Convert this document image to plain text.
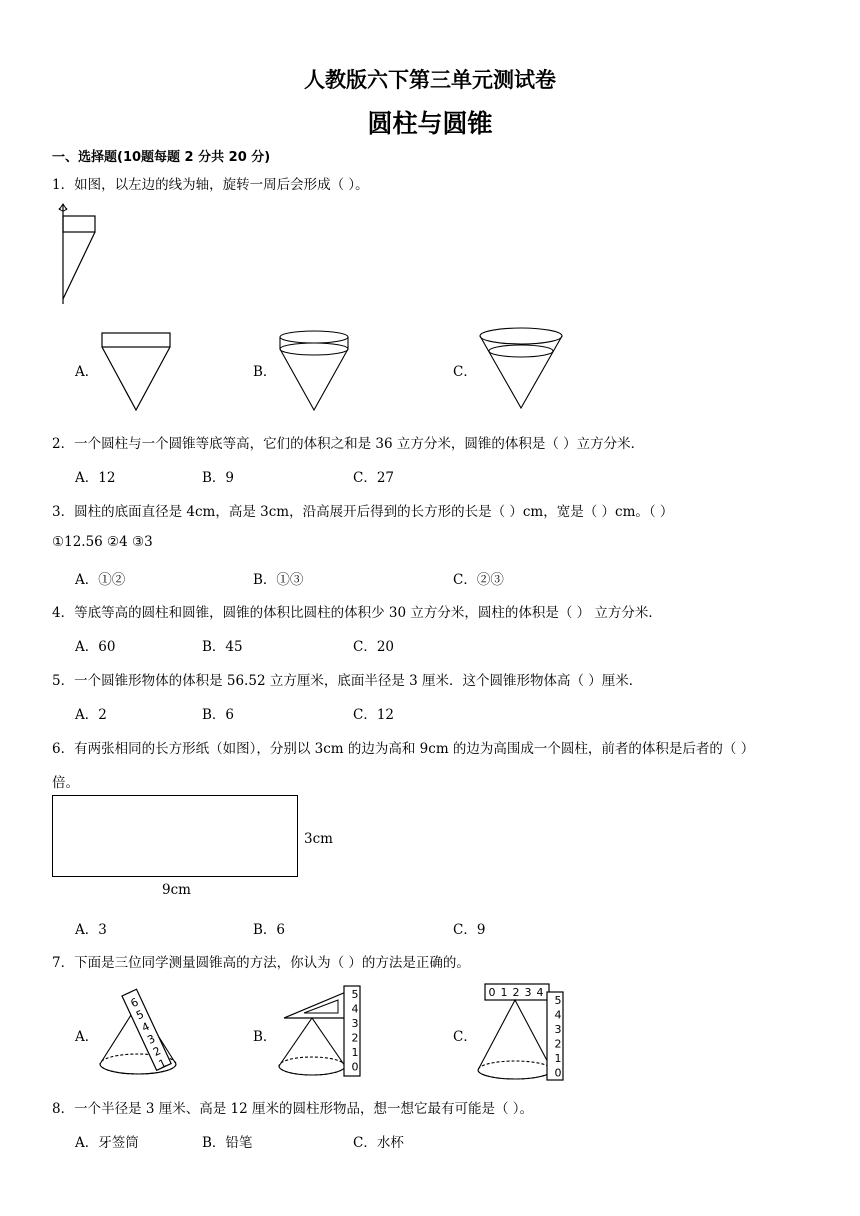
人教版六下第三单元测试卷
圆柱与圆锥
一、选择题(10题每题 2 分共 20 分)
1．如图，以左边的线为轴，旋转一周后会形成（ ）。
A．	B．	C．
2．一个圆柱与一个圆锥等底等高，它们的体积之和是 36 立方分米，圆锥的体积是（ ）立方分米．
A．12	B．9	C．27
3．圆柱的底面直径是 4cm，高是 3cm，沿高展开后得到的长方形的长是（ ）cm，宽是（ ）cm。（ ）
①12.56 ②4 ③3
A．①②	B．①③	C．②③
4．等底等高的圆柱和圆锥，圆锥的体积比圆柱的体积少 30 立方分米，圆柱的体积是（ ） 立方分米．
A．60	B．45	C．20
5．一个圆锥形物体的体积是 56.52 立方厘米，底面半径是 3 厘米．这个圆锥形物体高（ ）厘米．
A．2	B．6	C．12
6．有两张相同的长方形纸（如图），分别以 3cm 的边为高和 9cm 的边为高围成一个圆柱，前者的体积是后者的（ ）
倍。
3cm
9cm
A．3	B．6	C．9
7．下面是三位同学测量圆锥高的方法，你认为（ ）的方法是正确的。
A．
6
5
4
3
2
1
B．
5
4
3
2
1
0
C．
0 1 2 3 4
5
4
3
2
1
0
8．一个半径是 3 厘米、高是 12 厘米的圆柱形物品，想一想它最有可能是（ ）。
A．牙签筒	B．铅笔	C．水杯
